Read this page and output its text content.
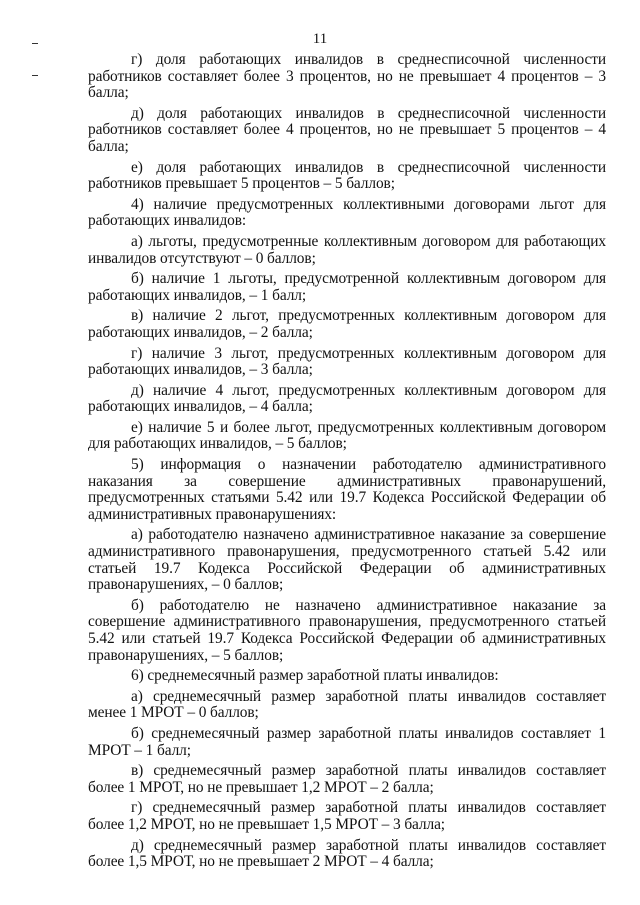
11

г) доля работающих инвалидов в среднесписочной численности работников составляет более 3 процентов, но не превышает 4 процентов – 3 балла;

д) доля работающих инвалидов в среднесписочной численности работников составляет более 4 процентов, но не превышает 5 процентов – 4 балла;

е) доля работающих инвалидов в среднесписочной численности работников превышает 5 процентов – 5 баллов;

4) наличие предусмотренных коллективными договорами льгот для работающих инвалидов:

а) льготы, предусмотренные коллективным договором для работающих инвалидов отсутствуют – 0 баллов;

б) наличие 1 льготы, предусмотренной коллективным договором для работающих инвалидов, – 1 балл;

в) наличие 2 льгот, предусмотренных коллективным договором для работающих инвалидов, – 2 балла;

г) наличие 3 льгот, предусмотренных коллективным договором для работающих инвалидов, – 3 балла;

д) наличие 4 льгот, предусмотренных коллективным договором для работающих инвалидов, – 4 балла;

е) наличие 5 и более льгот, предусмотренных коллективным договором для работающих инвалидов, – 5 баллов;

5) информация о назначении работодателю административного наказания за совершение административных правонарушений, предусмотренных статьями 5.42 или 19.7 Кодекса Российской Федерации об административных правонарушениях:

а) работодателю назначено административное наказание за совершение административного правонарушения, предусмотренного статьей 5.42 или статьей 19.7 Кодекса Российской Федерации об административных правонарушениях, – 0 баллов;

б) работодателю не назначено административное наказание за совершение административного правонарушения, предусмотренного статьей 5.42 или статьей 19.7 Кодекса Российской Федерации об административных правонарушениях, – 5 баллов;

6) среднемесячный размер заработной платы инвалидов:

а) среднемесячный размер заработной платы инвалидов составляет менее 1 МРОТ – 0 баллов;

б) среднемесячный размер заработной платы инвалидов составляет 1 МРОТ – 1 балл;

в) среднемесячный размер заработной платы инвалидов составляет более 1 МРОТ, но не превышает 1,2 МРОТ – 2 балла;

г) среднемесячный размер заработной платы инвалидов составляет более 1,2 МРОТ, но не превышает 1,5 МРОТ – 3 балла;

д) среднемесячный размер заработной платы инвалидов составляет более 1,5 МРОТ, но не превышает 2 МРОТ – 4 балла;
